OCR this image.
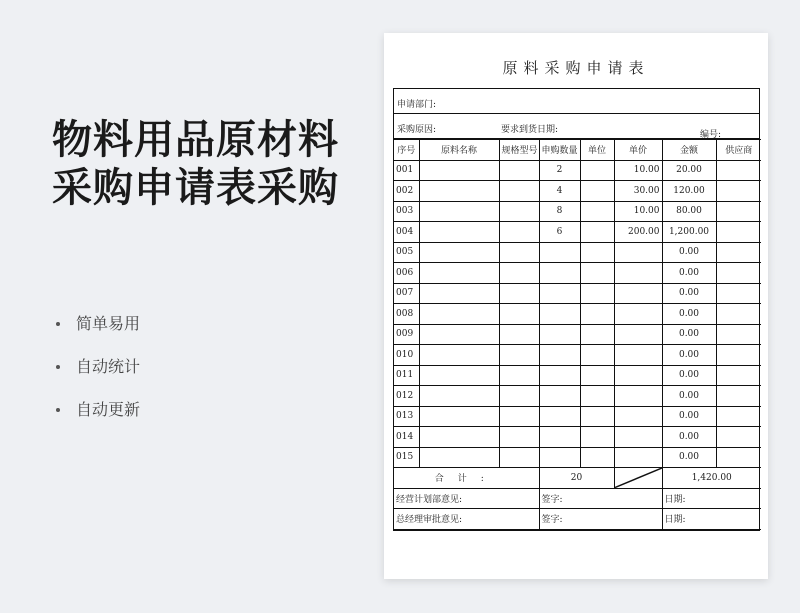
物料用品原材料
采购申请表采购
简单易用
自动统计
自动更新
原料采购申请表
申请部门:
采购原因:	要求到货日期:	编号:
序号	原料名称	规格型号	申购数量	单位	单价	金额	供应商
001			2		10.00	20.00	
002			4		30.00	120.00	
003			8		10.00	80.00	
004			6		200.00	1,200.00	
005						0.00	
006						0.00	
007						0.00	
008						0.00	
009						0.00	
010						0.00	
011						0.00	
012						0.00	
013						0.00	
014						0.00	
015						0.00	
合计:			20			1,420.00	
经营计划部意见:			签字:			日期:	
总经理审批意见:			签字:			日期:	
